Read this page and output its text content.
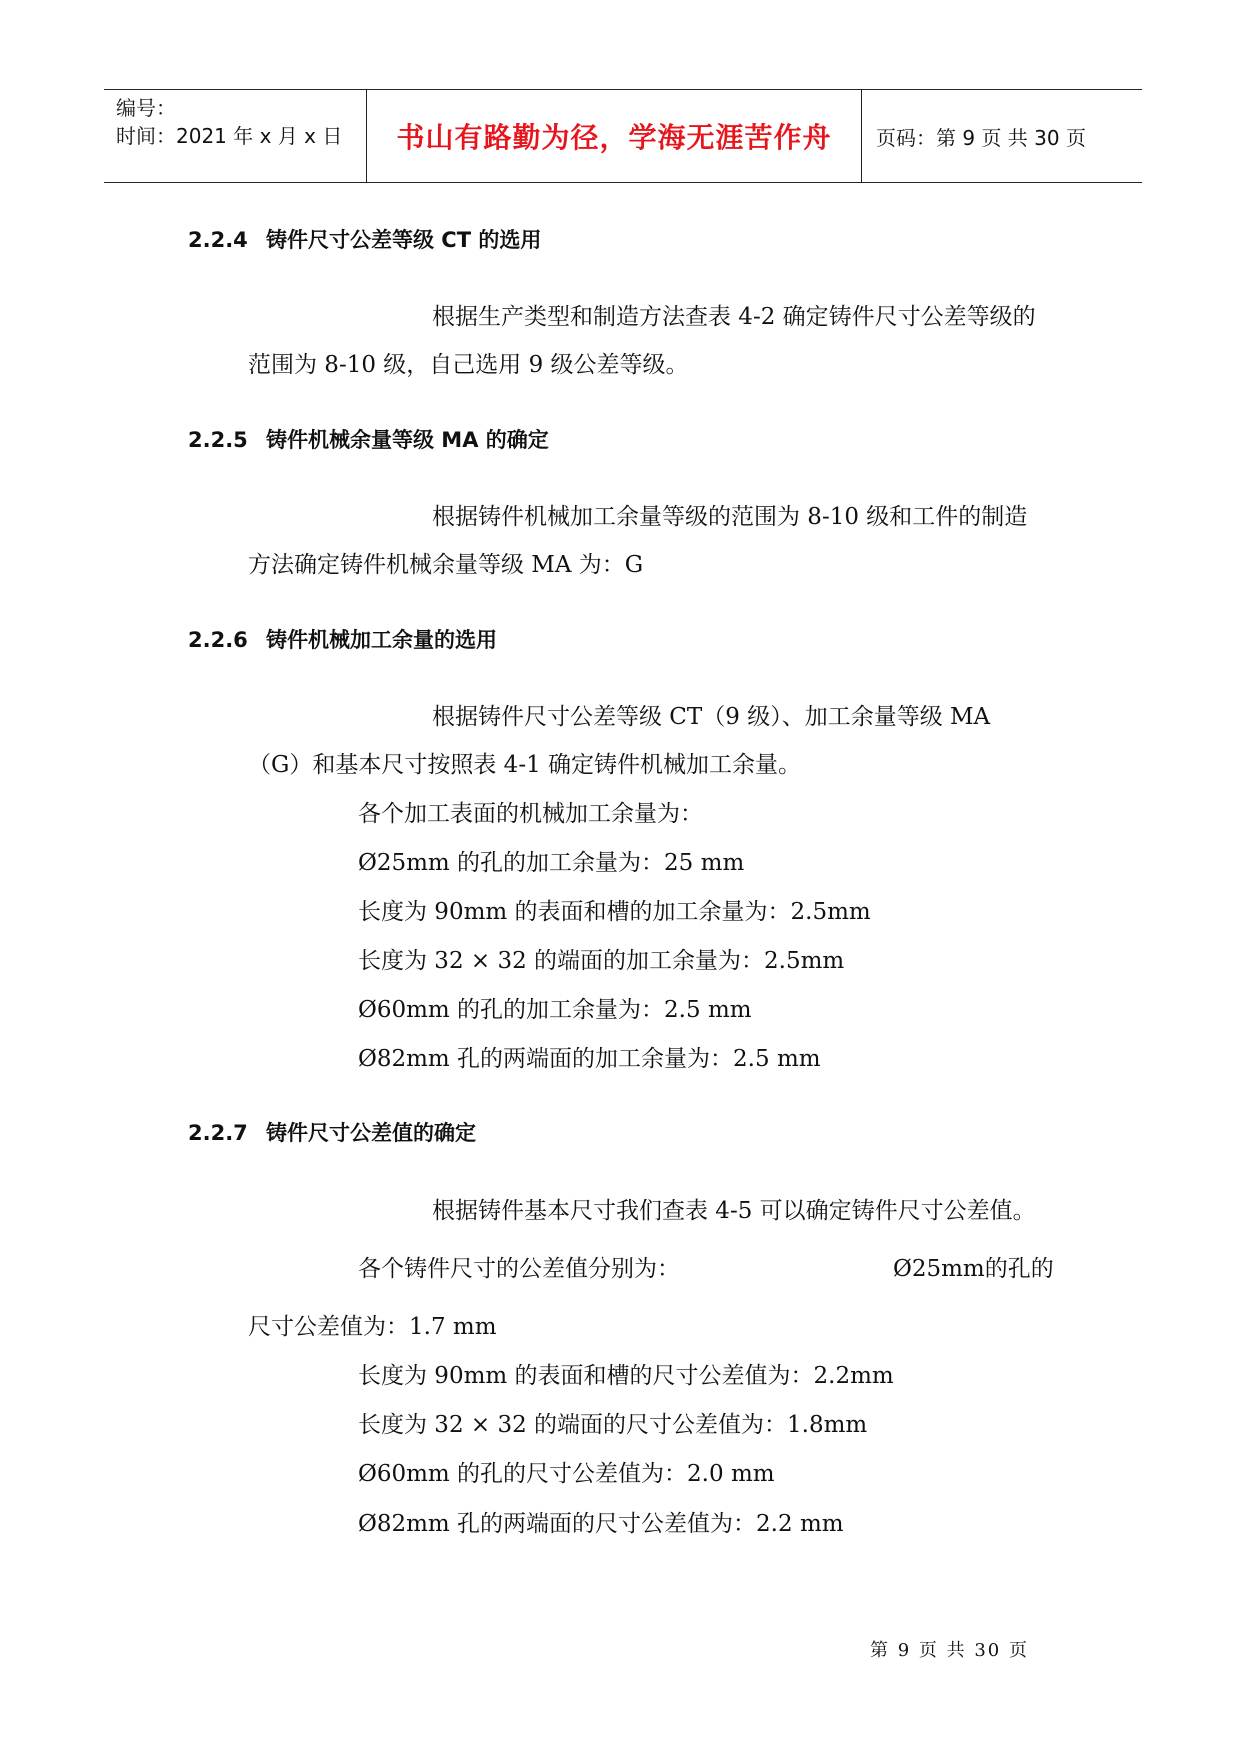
编号：
时间：2021 年 x 月 x 日 书山有路勤为径，学海无涯苦作舟 页码：第 9 页 共 30 页
2.2.4 铸件尺寸公差等级 CT 的选用
根据生产类型和制造方法查表 4-2 确定铸件尺寸公差等级的
范围为 8-10 级，自己选用 9 级公差等级。
2.2.5 铸件机械余量等级 MA 的确定
根据铸件机械加工余量等级的范围为 8-10 级和工件的制造
方法确定铸件机械余量等级 MA 为：G
2.2.6 铸件机械加工余量的选用
根据铸件尺寸公差等级 CT（9 级）、加工余量等级 MA
（G）和基本尺寸按照表 4-1 确定铸件机械加工余量。
各个加工表面的机械加工余量为：
Ø25mm 的孔的加工余量为：25 mm
长度为 90mm 的表面和槽的加工余量为：2.5mm
长度为 32 × 32 的端面的加工余量为：2.5mm
Ø60mm 的孔的加工余量为：2.5 mm
Ø82mm 孔的两端面的加工余量为：2.5 mm
2.2.7 铸件尺寸公差值的确定
根据铸件基本尺寸我们查表 4-5 可以确定铸件尺寸公差值。
各个铸件尺寸的公差值分别为：	Ø25mm的孔的
尺寸公差值为：1.7 mm
长度为 90mm 的表面和槽的尺寸公差值为：2.2mm
长度为 32 × 32 的端面的尺寸公差值为：1.8mm
Ø60mm 的孔的尺寸公差值为：2.0 mm
Ø82mm 孔的两端面的尺寸公差值为：2.2 mm
第 9 页 共 30 页
